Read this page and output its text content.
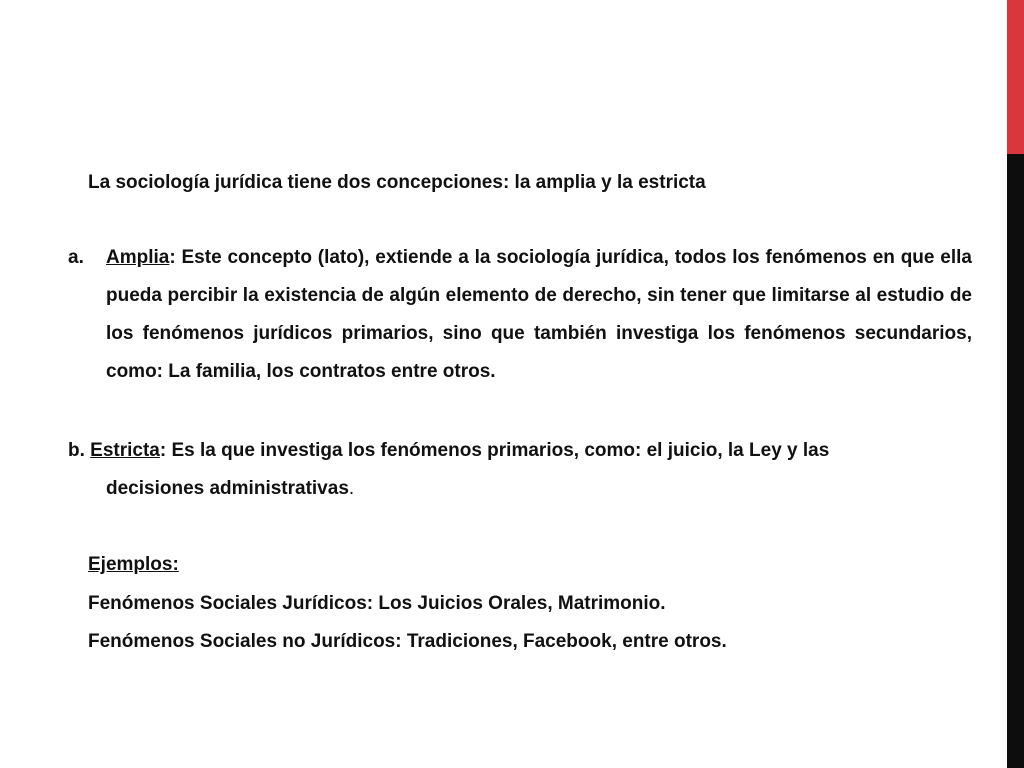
La sociología jurídica tiene dos concepciones: la amplia y la estricta
a. Amplia: Este concepto (lato), extiende a la sociología jurídica, todos los fenómenos en que ella pueda percibir la existencia de algún elemento de derecho, sin tener que limitarse al estudio de los fenómenos jurídicos primarios, sino que también investiga los fenómenos secundarios, como: La familia, los contratos entre otros.
b. Estricta: Es la que investiga los fenómenos primarios, como: el juicio, la Ley y las
decisiones administrativas.
Ejemplos:
Fenómenos Sociales Jurídicos: Los Juicios Orales, Matrimonio.
Fenómenos Sociales no Jurídicos: Tradiciones, Facebook, entre otros.
